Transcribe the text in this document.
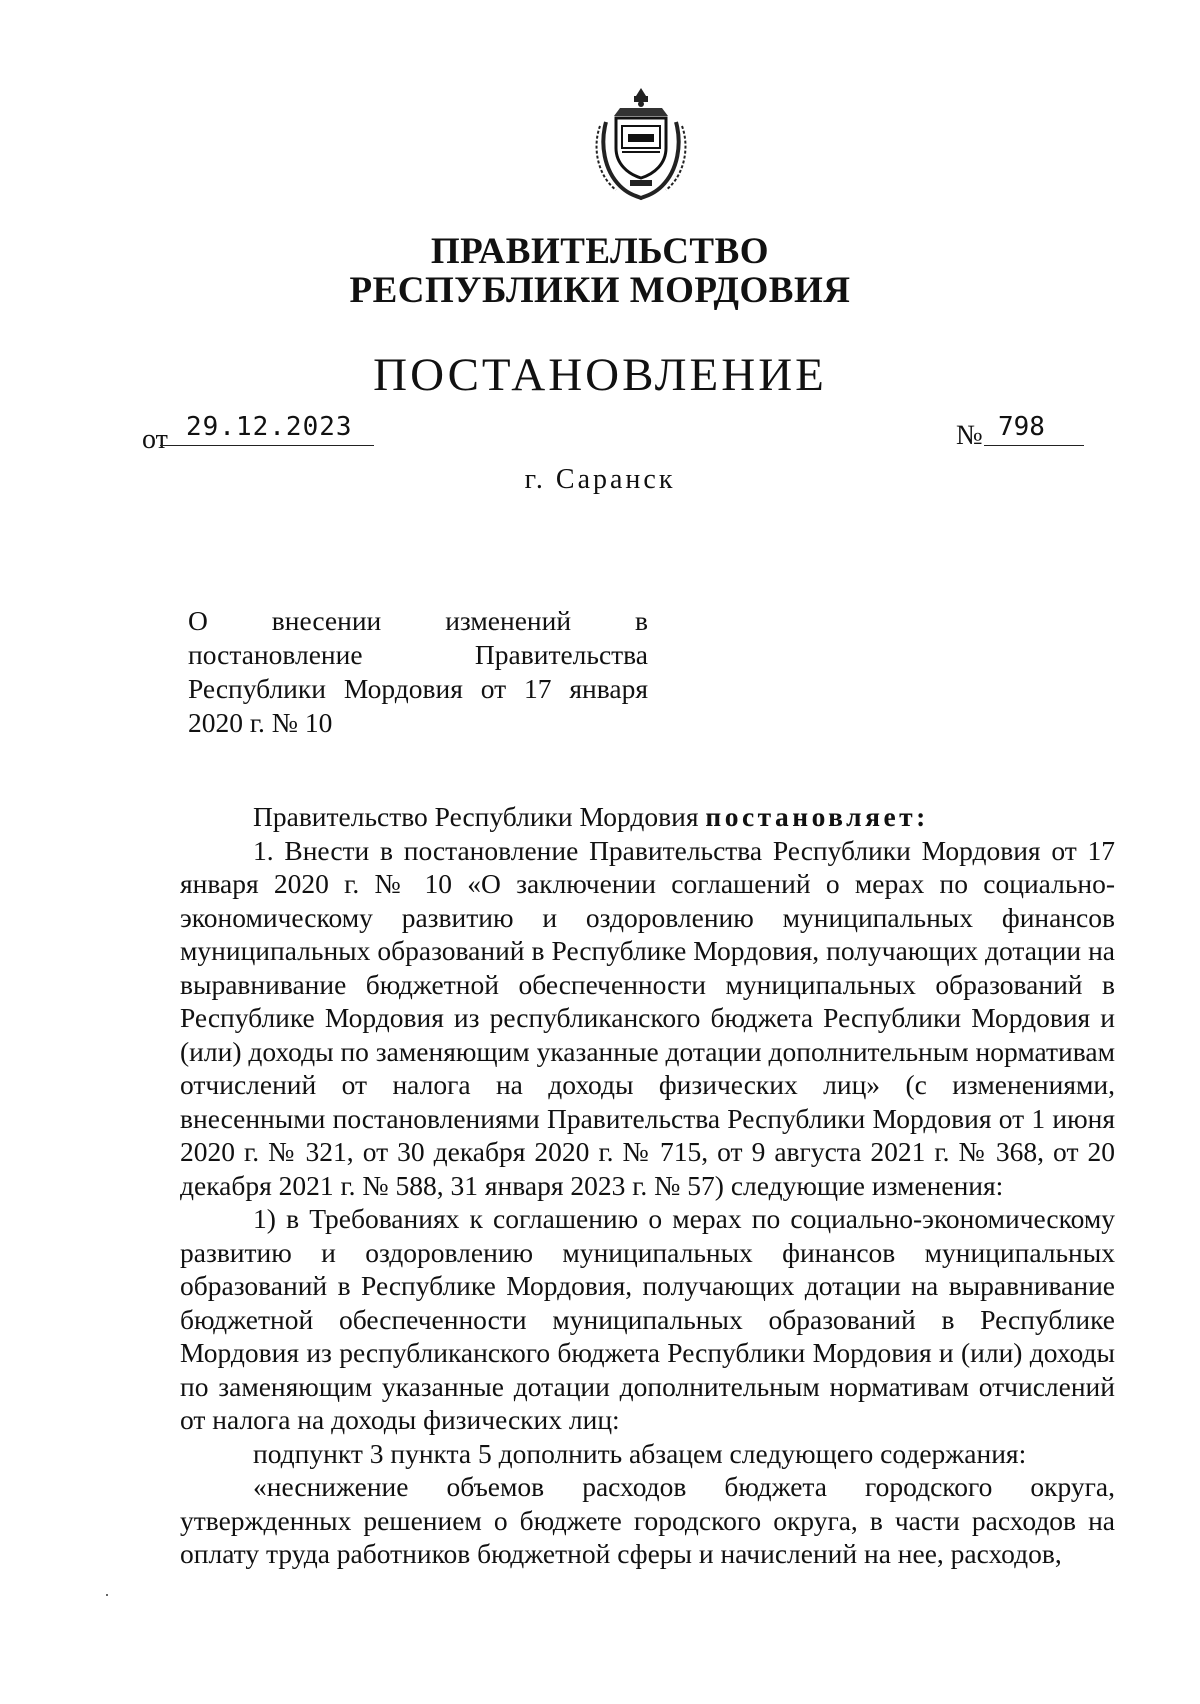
ПРАВИТЕЛЬСТВО
РЕСПУБЛИКИ МОРДОВИЯ
ПОСТАНОВЛЕНИЕ
от 29.12.2023	№ 798
г. Саранск
О внесении изменений в
постановление Правительства
Республики Мордовия от 17 января
2020 г. № 10

Правительство Республики Мордовия постановляет:

1. Внести в постановление Правительства Республики Мордовия от 17 января 2020 г. № 10 «О заключении соглашений о мерах по социально-экономическому развитию и оздоровлению муниципальных финансов муниципальных образований в Республике Мордовия, получающих дотации на выравнивание бюджетной обеспеченности муниципальных образований в Республике Мордовия из республиканского бюджета Республики Мордовия и (или) доходы по заменяющим указанные дотации дополнительным нормативам отчислений от налога на доходы физических лиц» (с изменениями, внесенными постановлениями Правительства Республики Мордовия от 1 июня 2020 г. № 321, от 30 декабря 2020 г. № 715, от 9 августа 2021 г. № 368, от 20 декабря 2021 г. № 588, 31 января 2023 г. № 57) следующие изменения:

1) в Требованиях к соглашению о мерах по социально-экономическому развитию и оздоровлению муниципальных финансов муниципальных образований в Республике Мордовия, получающих дотации на выравнивание бюджетной обеспеченности муниципальных образований в Республике Мордовия из республиканского бюджета Республики Мордовия и (или) доходы по заменяющим указанные дотации дополнительным нормативам отчислений от налога на доходы физических лиц:

подпункт 3 пункта 5 дополнить абзацем следующего содержания:

«неснижение объемов расходов бюджета городского округа, утвержденных решением о бюджете городского округа, в части расходов на оплату труда работников бюджетной сферы и начислений на нее, расходов,
